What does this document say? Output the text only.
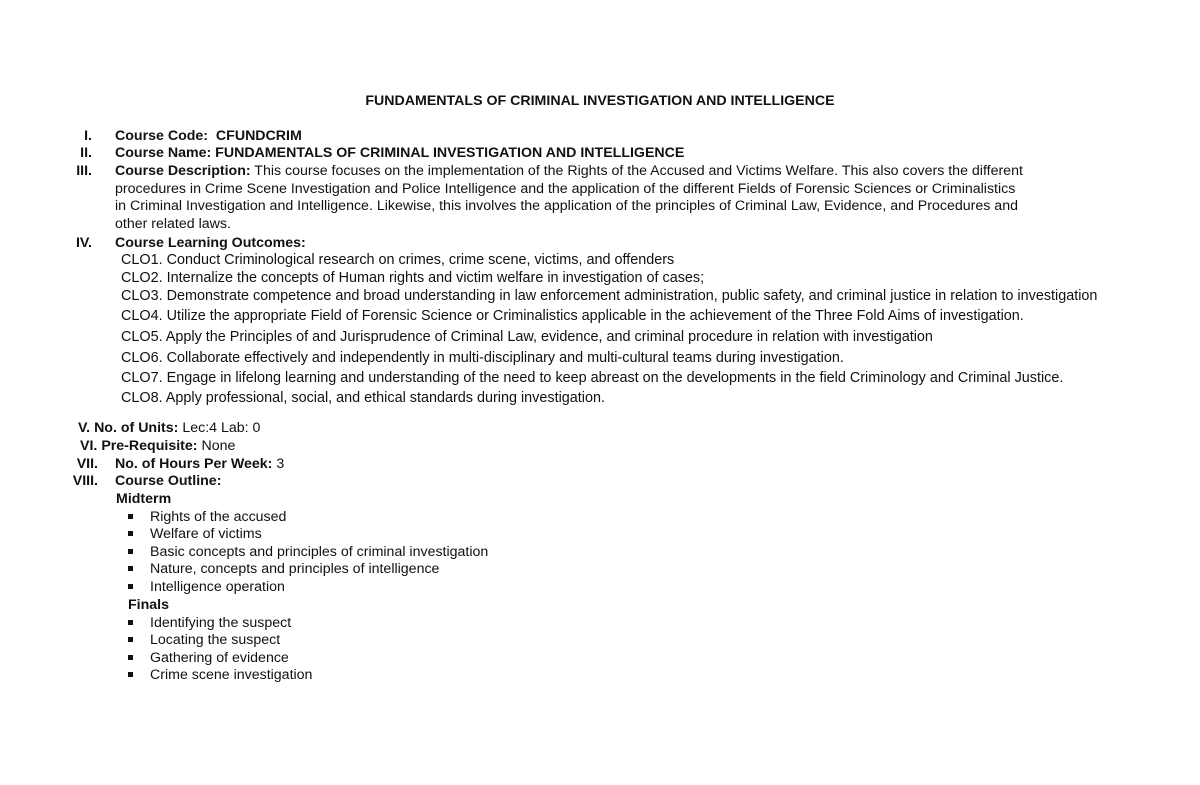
FUNDAMENTALS OF CRIMINAL INVESTIGATION AND INTELLIGENCE
I. Course Code: CFUNDCRIM
II. Course Name: FUNDAMENTALS OF CRIMINAL INVESTIGATION AND INTELLIGENCE
III. Course Description: This course focuses on the implementation of the Rights of the Accused and Victims Welfare. This also covers the different
procedures in Crime Scene Investigation and Police Intelligence and the application of the different Fields of Forensic Sciences or Criminalistics
in Criminal Investigation and Intelligence. Likewise, this involves the application of the principles of Criminal Law, Evidence, and Procedures and
other related laws.
IV. Course Learning Outcomes:
CLO1. Conduct Criminological research on crimes, crime scene, victims, and offenders
CLO2. Internalize the concepts of Human rights and victim welfare in investigation of cases;
CLO3. Demonstrate competence and broad understanding in law enforcement administration, public safety, and criminal justice in relation to investigation
CLO4. Utilize the appropriate Field of Forensic Science or Criminalistics applicable in the achievement of the Three Fold Aims of investigation.
CLO5. Apply the Principles of and Jurisprudence of Criminal Law, evidence, and criminal procedure in relation with investigation
CLO6. Collaborate effectively and independently in multi-disciplinary and multi-cultural teams during investigation.
CLO7. Engage in lifelong learning and understanding of the need to keep abreast on the developments in the field Criminology and Criminal Justice.
CLO8. Apply professional, social, and ethical standards during investigation.
V. No. of Units: Lec:4 Lab: 0
VI. Pre-Requisite: None
VII. No. of Hours Per Week: 3
VIII. Course Outline:
Midterm
Rights of the accused
Welfare of victims
Basic concepts and principles of criminal investigation
Nature, concepts and principles of intelligence
Intelligence operation
Finals
Identifying the suspect
Locating the suspect
Gathering of evidence
Crime scene investigation
